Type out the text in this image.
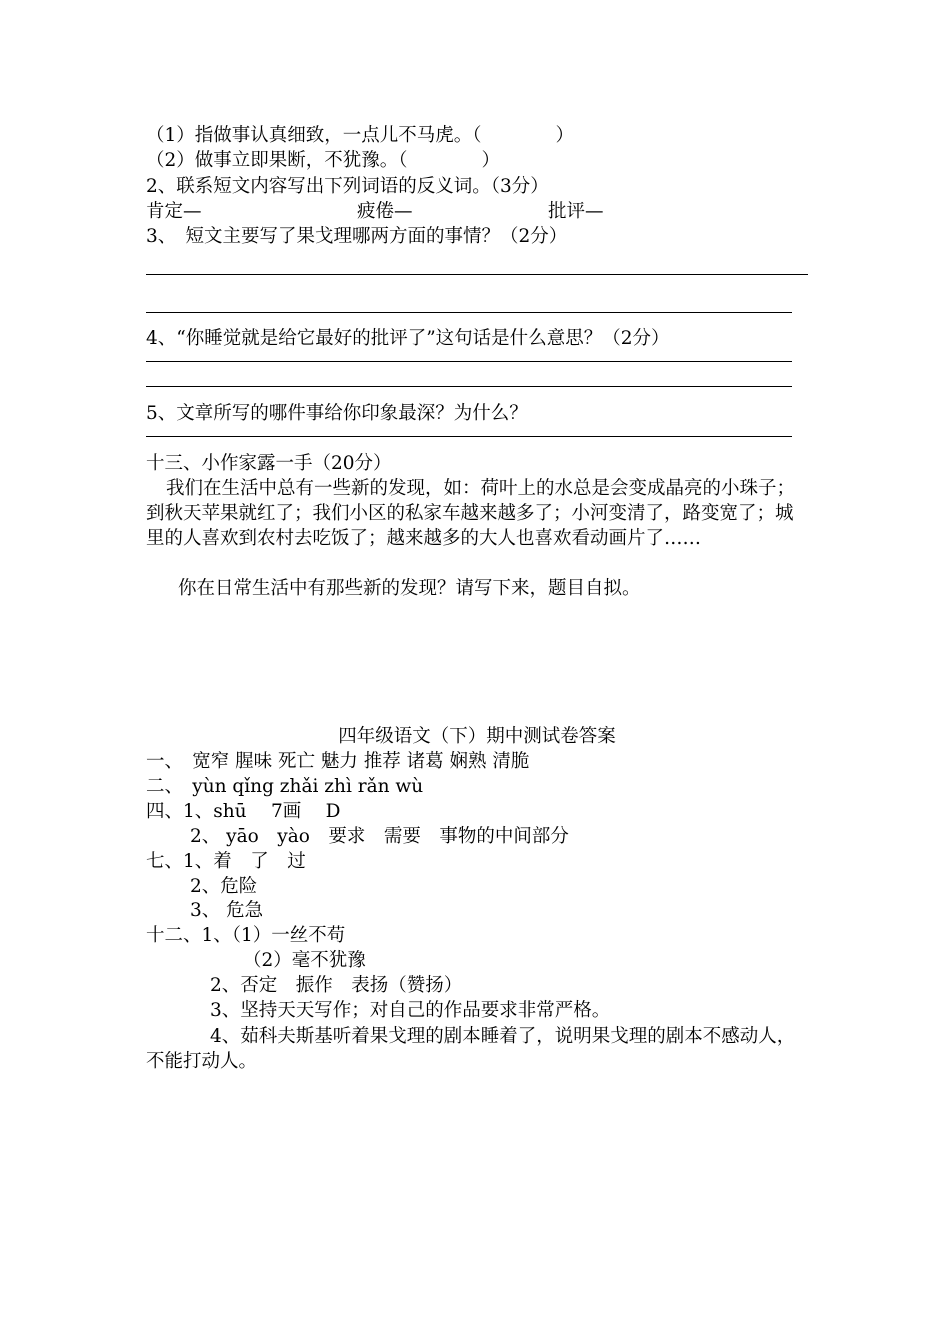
（1）指做事认真细致，一点儿不马虎。（　　　　）
（2）做事立即果断，不犹豫。（　　　　）
2、联系短文内容写出下列词语的反义词。（3分）
肯定—	疲倦—	批评—
3、　短文主要写了果戈理哪两方面的事情？（2分）
4、“你睡觉就是给它最好的批评了”这句话是什么意思？（2分）
5、文章所写的哪件事给你印象最深？为什么？
十三、小作家露一手（20分）
我们在生活中总有一些新的发现，如：荷叶上的水总是会变成晶亮的小珠子；到秋天苹果就红了；我们小区的私家车越来越多了；小河变清了，路变宽了；城里的人喜欢到农村去吃饭了；越来越多的大人也喜欢看动画片了……
你在日常生活中有那些新的发现？请写下来，题目自拟。
四年级语文（下）期中测试卷答案
一、　宽窄 腥味 死亡 魅力 推荐 诸葛 娴熟 清脆
二、　yùn qǐng zhǎi zhì rǎn wù
四、1、shū　 7画　 D
2、 yāo　yào　要求　需要　事物的中间部分
七、1、着　了　过
2、危险
3、 危急
十二、1、（1）一丝不苟
（2）毫不犹豫
2、否定　振作　表扬（赞扬）
3、坚持天天写作；对自己的作品要求非常严格。
4、茹科夫斯基听着果戈理的剧本睡着了，说明果戈理的剧本不感动人，不能打动人。
